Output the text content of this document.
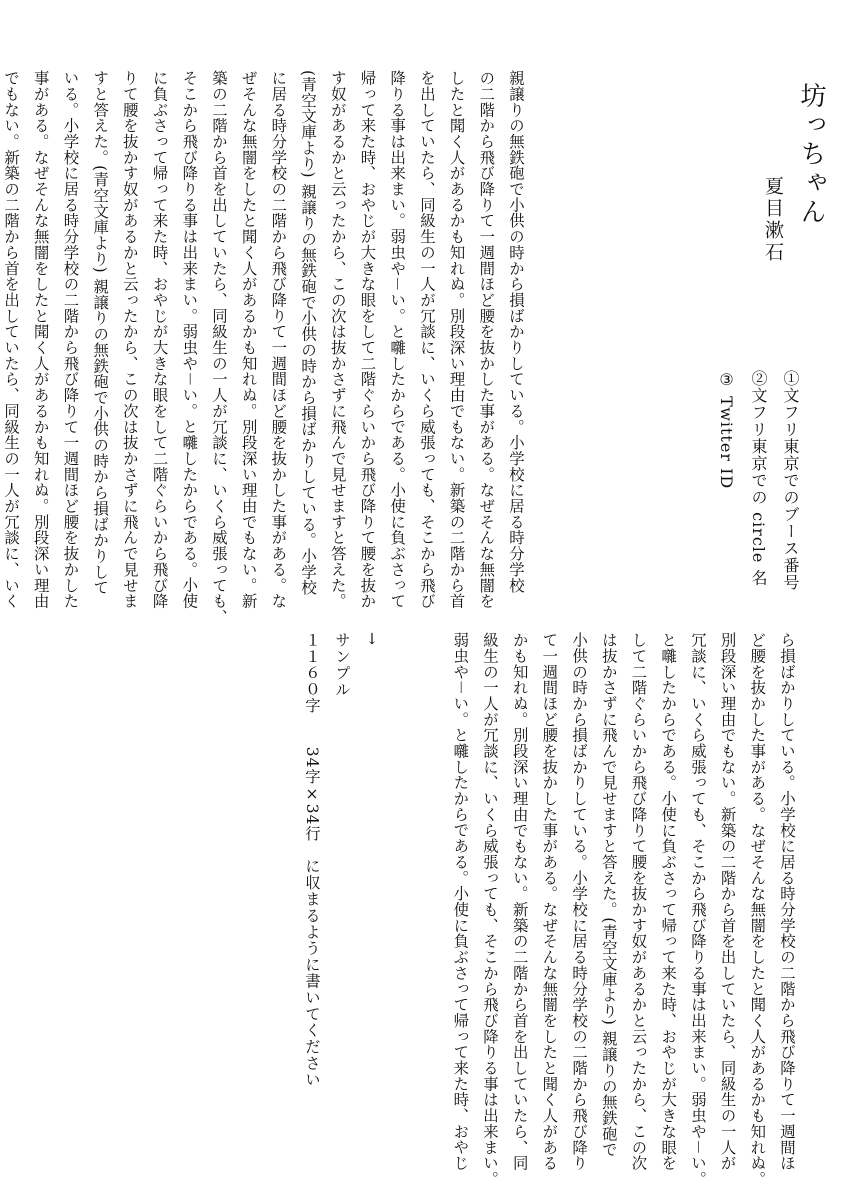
坊っちゃん
夏目漱石
①文フリ東京でのブース番号
②文フリ東京での circle 名
③ Twitter ID
親譲りの無鉄砲で小供の時から損ばかりしている。小学校に居る時分学校
の二階から飛び降りて一週間ほど腰を抜かした事がある。なぜそんな無闇を
したと聞く人があるかも知れぬ。別段深い理由でもない。新築の二階から首
を出していたら、同級生の一人が冗談に、いくら威張っても、そこから飛び
降りる事は出来まい。弱虫や－い。と囃したからである。小使に負ぶさって
帰って来た時、おやじが大きな眼をして二階ぐらいから飛び降りて腰を抜か
す奴があるかと云ったから、この次は抜かさずに飛んで見せますと答えた。
(青空文庫より) 親譲りの無鉄砲で小供の時から損ばかりしている。小学校
に居る時分学校の二階から飛び降りて一週間ほど腰を抜かした事がある。な
ぜそんな無闇をしたと聞く人があるかも知れぬ。別段深い理由でもない。新
築の二階から首を出していたら、同級生の一人が冗談に、いくら威張っても、
そこから飛び降りる事は出来まい。弱虫や－い。と囃したからである。小使
に負ぶさって帰って来た時、おやじが大きな眼をして二階ぐらいから飛び降
りて腰を抜かす奴があるかと云ったから、この次は抜かさずに飛んで見せま
すと答えた。(青空文庫より) 親譲りの無鉄砲で小供の時から損ばかりして
いる。小学校に居る時分学校の二階から飛び降りて一週間ほど腰を抜かした
事がある。なぜそんな無闇をしたと聞く人があるかも知れぬ。別段深い理由
でもない。新築の二階から首を出していたら、同級生の一人が冗談に、いく
ら損ばかりしている。小学校に居る時分学校の二階から飛び降りて一週間ほ
ど腰を抜かした事がある。なぜそんな無闇をしたと聞く人があるかも知れぬ。
別段深い理由でもない。新築の二階から首を出していたら、同級生の一人が
冗談に、いくら威張っても、そこから飛び降りる事は出来まい。弱虫や－い。
と囃したからである。小使に負ぶさって帰って来た時、おやじが大きな眼を
して二階ぐらいから飛び降りて腰を抜かす奴があるかと云ったから、この次
は抜かさずに飛んで見せますと答えた。(青空文庫より) 親譲りの無鉄砲で
小供の時から損ばかりしている。小学校に居る時分学校の二階から飛び降り
て一週間ほど腰を抜かした事がある。なぜそんな無闇をしたと聞く人がある
かも知れぬ。別段深い理由でもない。新築の二階から首を出していたら、同
級生の一人が冗談に、いくら威張っても、そこから飛び降りる事は出来まい。
弱虫や－い。と囃したからである。小使に負ぶさって帰って来た時、おやじ
→
サンプル
１１６０字　　34字×34行　に収まるように書いてください
